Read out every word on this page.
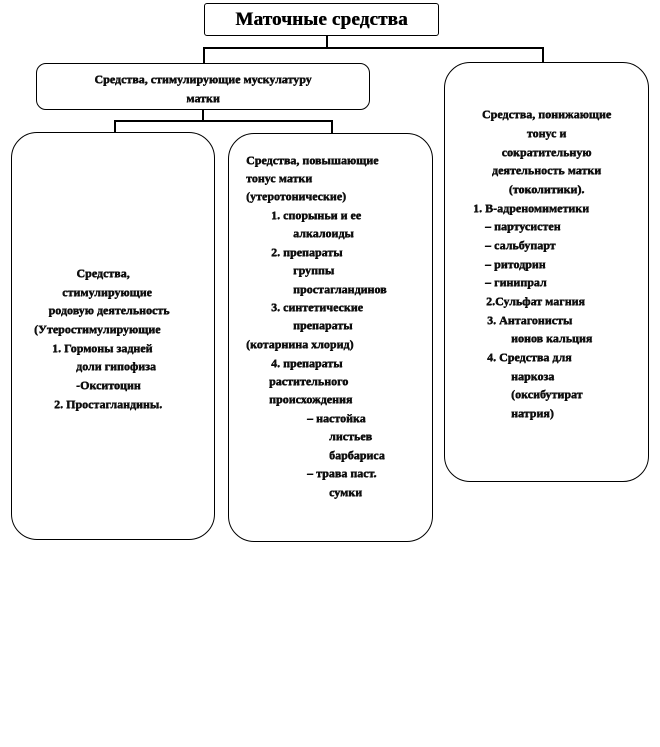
Маточные средства
Средства, стимулирующие мускулатуру
матки
Средства,
стимулирующие
родовую деятельность
(Утеростимулирующие
1. Гормоны задней
доли гипофиза
-Окситоцин
2. Простагландины.
Средства, повышающие
тонус матки
(утеротонические)
1. спорыньи и ее
алкалоиды
2. препараты
группы
простагландинов
3. синтетические
препараты
(котарнина хлорид)
4. препараты
растительного
происхождения
– настойка
листьев
барбариса
– трава паст.
сумки
Средства, понижающие
тонус и
сократительную
деятельность матки
(токолитики).
1. В-адреномиметики
– партусистен
– сальбупарт
– ритодрин
– гинипрал
2.Сульфат магния
3. Антагонисты
ионов кальция
4. Средства для
наркоза
(оксибутират
натрия)
